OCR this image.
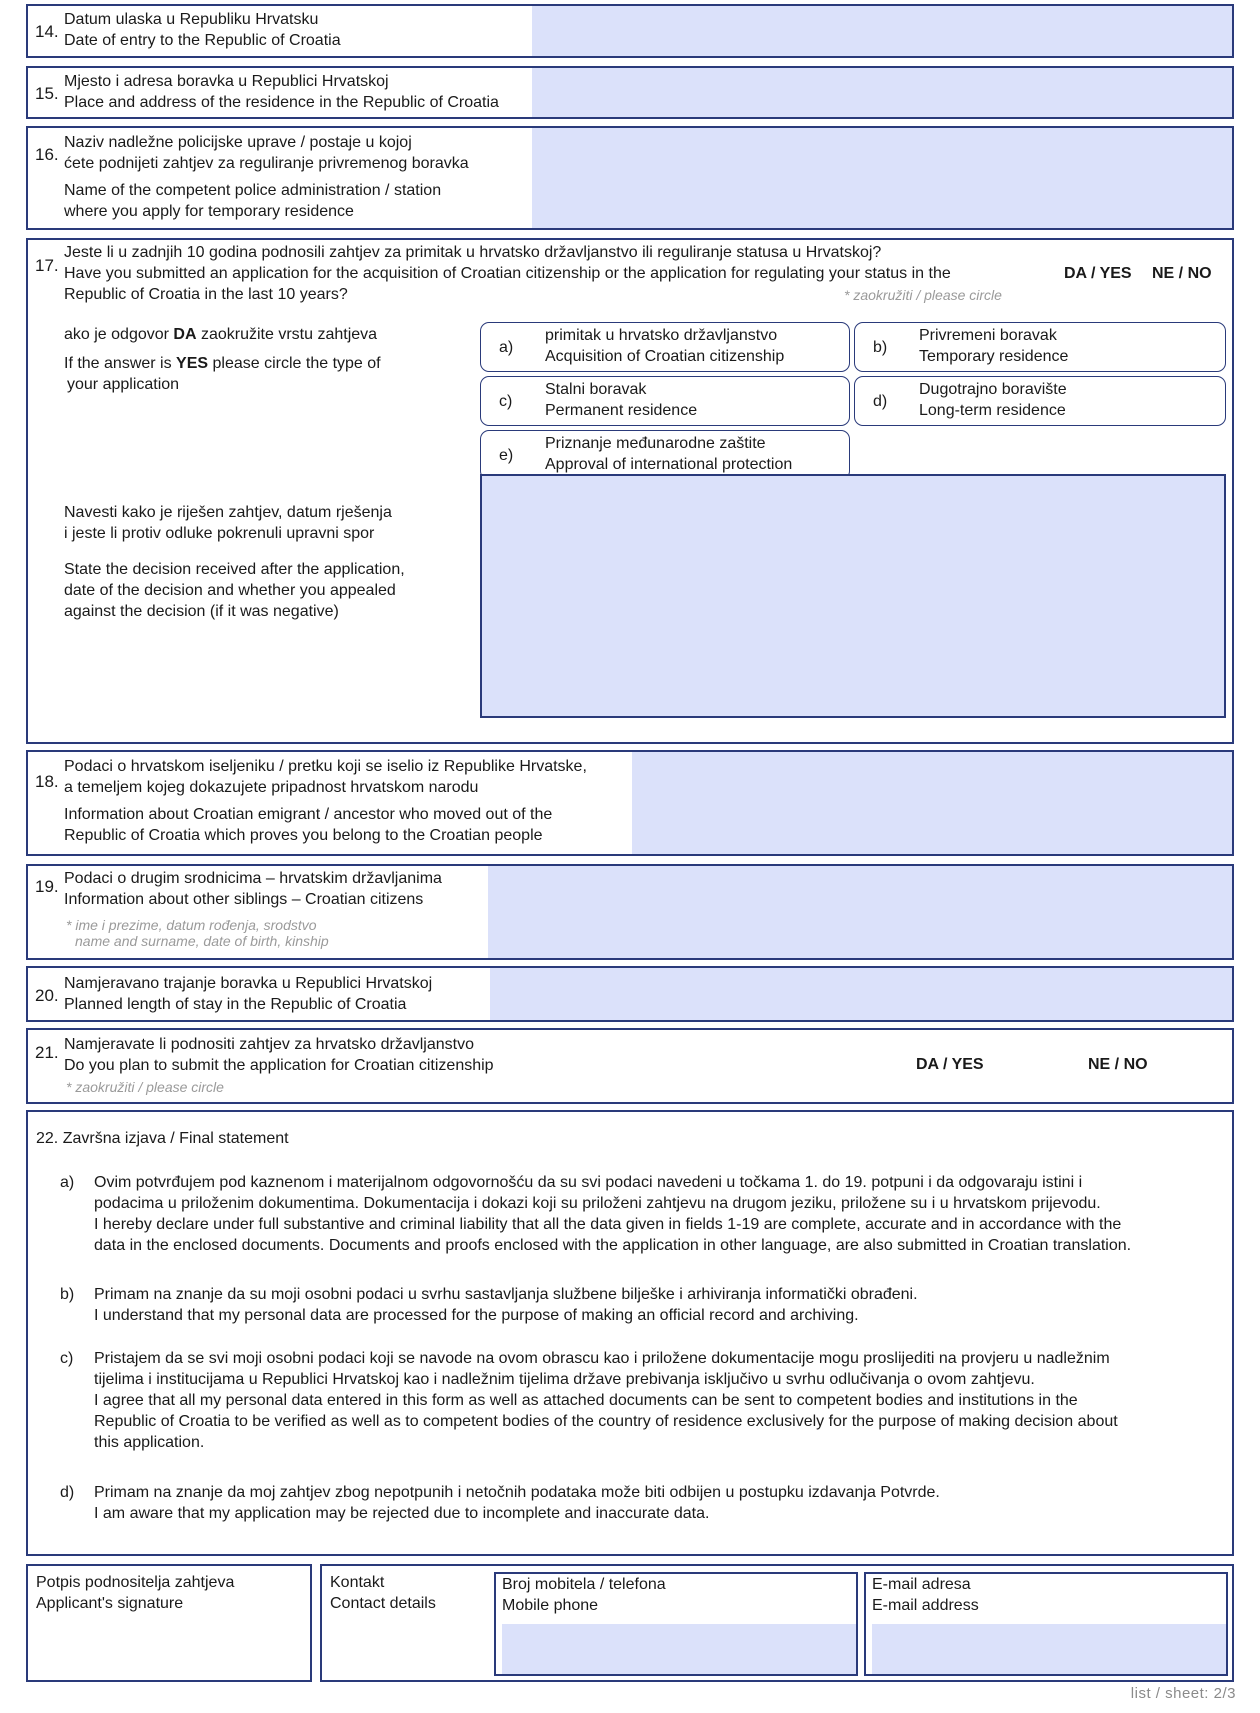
14.
Datum ulaska u Republiku Hrvatsku
Date of entry to the Republic of Croatia
15.
Mjesto i adresa boravka u Republici Hrvatskoj
Place and address of the residence in the Republic of Croatia
16.
Naziv nadležne policijske uprave / postaje u kojoj
ćete podnijeti zahtjev za reguliranje privremenog boravka
Name of the competent police administration / station
where you apply for temporary residence
17.
Jeste li u zadnjih 10 godina podnosili zahtjev za primitak u hrvatsko državljanstvo ili reguliranje statusa u Hrvatskoj?
Have you submitted an application for the acquisition of Croatian citizenship or the application for regulating your status in the
Republic of Croatia in the last 10 years?
DA / YES NE / NO
* zaokružiti / please circle
ako je odgovor DA zaokružite vrstu zahtjeva
If the answer is YES please circle the type of
your application
a)
primitak u hrvatsko državljanstvo
Acquisition of Croatian citizenship
b)
Privremeni boravak
Temporary residence
c)
Stalni boravak
Permanent residence
d)
Dugotrajno boravište
Long-term residence
e)
Priznanje međunarodne zaštite
Approval of international protection
Navesti kako je riješen zahtjev, datum rješenja
i jeste li protiv odluke pokrenuli upravni spor
State the decision received after the application,
date of the decision and whether you appealed
against the decision (if it was negative)
18.
Podaci o hrvatskom iseljeniku / pretku koji se iselio iz Republike Hrvatske,
a temeljem kojeg dokazujete pripadnost hrvatskom narodu
Information about Croatian emigrant / ancestor who moved out of the
Republic of Croatia which proves you belong to the Croatian people
19. Podaci o drugim srodnicima – hrvatskim državljanima
Information about other siblings – Croatian citizens
* ime i prezime, datum rođenja, srodstvo
name and surname, date of birth, kinship
20.
Namjeravano trajanje boravka u Republici Hrvatskoj
Planned length of stay in the Republic of Croatia
21. Namjeravate li podnositi zahtjev za hrvatsko državljanstvo
Do you plan to submit the application for Croatian citizenship
* zaokružiti / please circle
DA / YES	NE / NO
22. Završna izjava / Final statement
a) Ovim potvrđujem pod kaznenom i materijalnom odgovornošću da su svi podaci navedeni u točkama 1. do 19. potpuni i da odgovaraju istini i
podacima u priloženim dokumentima. Dokumentacija i dokazi koji su priloženi zahtjevu na drugom jeziku, priložene su i u hrvatskom prijevodu.
I hereby declare under full substantive and criminal liability that all the data given in fields 1-19 are complete, accurate and in accordance with the
data in the enclosed documents. Documents and proofs enclosed with the application in other language, are also submitted in Croatian translation.
b) Primam na znanje da su moji osobni podaci u svrhu sastavljanja službene bilješke i arhiviranja informatički obrađeni.
I understand that my personal data are processed for the purpose of making an official record and archiving.
c) Pristajem da se svi moji osobni podaci koji se navode na ovom obrascu kao i priložene dokumentacije mogu proslijediti na provjeru u nadležnim
tijelima i institucijama u Republici Hrvatskoj kao i nadležnim tijelima države prebivanja isključivo u svrhu odlučivanja o ovom zahtjevu.
I agree that all my personal data entered in this form as well as attached documents can be sent to competent bodies and institutions in the
Republic of Croatia to be verified as well as to competent bodies of the country of residence exclusively for the purpose of making decision about
this application.
d) Primam na znanje da moj zahtjev zbog nepotpunih i netočnih podataka može biti odbijen u postupku izdavanja Potvrde.
I am aware that my application may be rejected due to incomplete and inaccurate data.
Potpis podnositelja zahtjeva
Applicant's signature
Kontakt
Contact details
Broj mobitela / telefona
Mobile phone
E-mail adresa
E-mail address
list / sheet: 2/3
